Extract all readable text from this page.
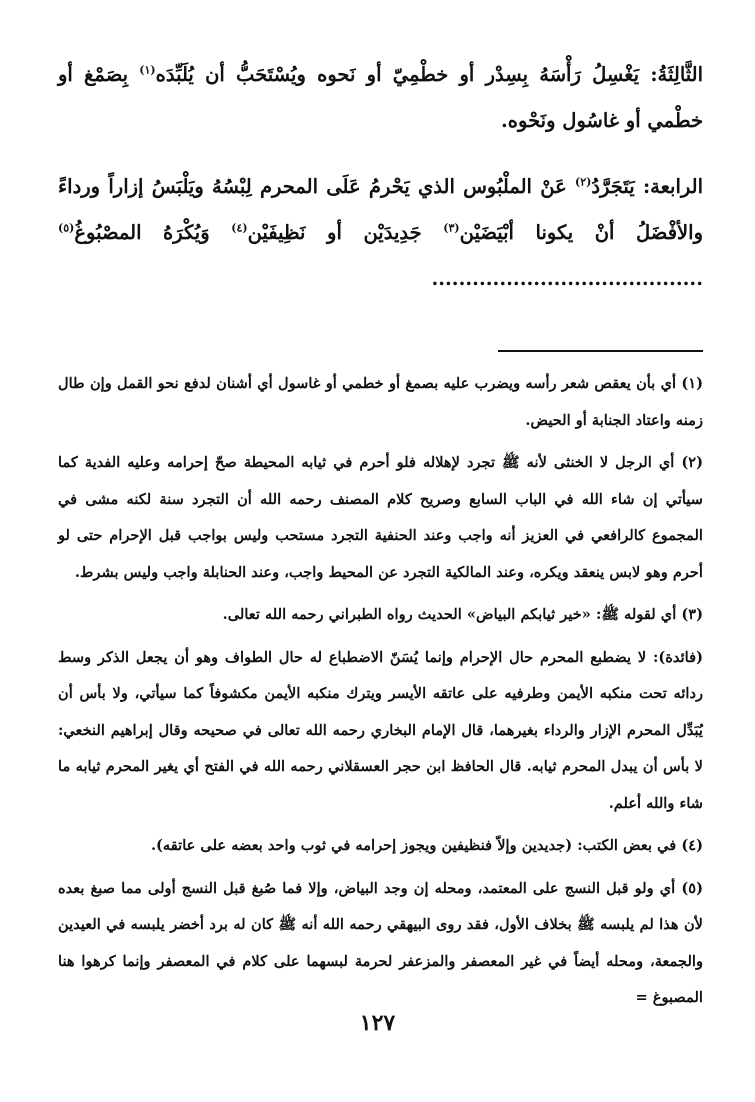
الثَّالِثَةُ: يَغْسِلُ رَأْسَهُ بِسِدْر أو خطْمِيّ أو نَحوه ويُسْتَحَبُّ أن يُلَبِّدَه$^{(١)}$ بِصَمْغ أو خطْمي أو غاسُول ونَحْوه.

الرابعة: يَتَجَرَّدُ$^{(٢)}$ عَنْ الملْبُوس الذي يَحْرمُ عَلَى المحرم لِبْسُهُ ويَلْبَسُ إزاراً ورداءً والأفْضَلُ أنْ يكونا أبْيَضَيْن$^{(٣)}$ جَدِيدَيْن أو نَظِيفَيْن$^{(٤)}$ وَيُكْرَهُ المصْبُوغُ$^{(٥)}$ ........................................

(١) أي بأن يعقص شعر رأسه ويضرب عليه بصمغ أو خطمي أو غاسول أي أشنان لدفع نحو القمل وإن طال زمنه واعتاد الجنابة أو الحيض.

(٢) أي الرجل لا الخنثى لأنه ﷺ تجرد لإهلاله فلو أحرم في ثيابه المحيطة صحّ إحرامه وعليه الفدية كما سيأتي إن شاء الله في الباب السابع وصريح كلام المصنف رحمه الله أن التجرد سنة لكنه مشى في المجموع كالرافعي في العزيز أنه واجب وعند الحنفية التجرد مستحب وليس بواجب قبل الإحرام حتى لو أحرم وهو لابس ينعقد ويكره، وعند المالكية التجرد عن المحيط واجب، وعند الحنابلة واجب وليس بشرط.

(٣) أي لقوله ﷺ: «خير ثيابكم البياض» الحديث رواه الطبراني رحمه الله تعالى.

(فائدة): لا يضطبع المحرم حال الإحرام وإنما يُسَنّ الاضطباع له حال الطواف وهو أن يجعل الذكر وسط ردائه تحت منكبه الأيمن وطرفيه على عاتقه الأيسر ويترك منكبه الأيمن مكشوفاً كما سيأتي، ولا بأس أن يُبَدِّل المحرم الإزار والرداء بغيرهما، قال الإمام البخاري رحمه الله تعالى في صحيحه وقال إبراهيم النخعي: لا بأس أن يبدل المحرم ثيابه. قال الحافظ ابن حجر العسقلاني رحمه الله في الفتح أي يغير المحرم ثيابه ما شاء والله أعلم.

(٤) في بعض الكتب: (جديدين وإلاّ فنظيفين ويجوز إحرامه في ثوب واحد بعضه على عاتقه).

(٥) أي ولو قبل النسج على المعتمد، ومحله إن وجد البياض، وإلا فما صُبغ قبل النسج أولى مما صبغ بعده لأن هذا لم يلبسه ﷺ بخلاف الأول، فقد روى البيهقي رحمه الله أنه ﷺ كان له برد أخضر يلبسه في العيدين والجمعة، ومحله أيضاً في غير المعصفر والمزعفر لحرمة لبسهما على كلام في المعصفر وإنما كرهوا هنا المصبوغ =

١٢٧
